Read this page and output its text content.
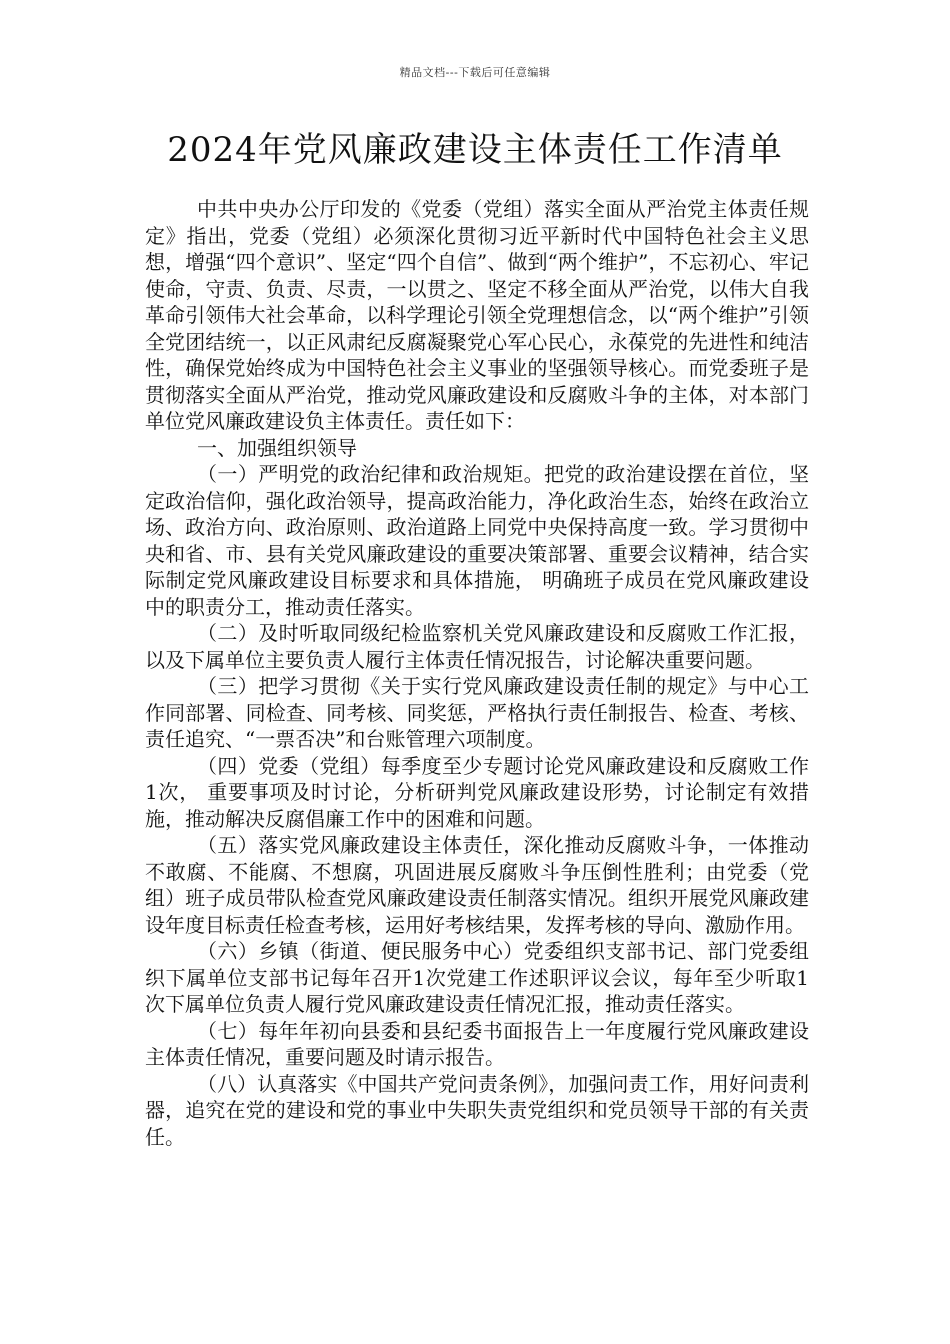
精品文档---下载后可任意编辑
2024年党风廉政建设主体责任工作清单

中共中央办公厅印发的《党委（党组）落实全面从严治党主体责任规定》指出，党委（党组）必须深化贯彻习近平新时代中国特色社会主义思想，增强“四个意识”、坚定“四个自信”、做到“两个维护”，不忘初心、牢记使命，守责、负责、尽责，一以贯之、坚定不移全面从严治党，以伟大自我革命引领伟大社会革命，以科学理论引领全党理想信念，以“两个维护”引领全党团结统一，以正风肃纪反腐凝聚党心军心民心，永葆党的先进性和纯洁性，确保党始终成为中国特色社会主义事业的坚强领导核心。而党委班子是贯彻落实全面从严治党，推动党风廉政建设和反腐败斗争的主体，对本部门单位党风廉政建设负主体责任。责任如下：

一、加强组织领导

（一）严明党的政治纪律和政治规矩。把党的政治建设摆在首位，坚定政治信仰，强化政治领导，提高政治能力，净化政治生态，始终在政治立场、政治方向、政治原则、政治道路上同党中央保持高度一致。学习贯彻中央和省、市、县有关党风廉政建设的重要决策部署、重要会议精神，结合实际制定党风廉政建设目标要求和具体措施， 明确班子成员在党风廉政建设中的职责分工，推动责任落实。

（二）及时听取同级纪检监察机关党风廉政建设和反腐败工作汇报，以及下属单位主要负责人履行主体责任情况报告，讨论解决重要问题。

（三）把学习贯彻《关于实行党风廉政建设责任制的规定》与中心工作同部署、同检查、同考核、同奖惩，严格执行责任制报告、检查、考核、责任追究、“一票否决”和台账管理六项制度。

（四）党委（党组）每季度至少专题讨论党风廉政建设和反腐败工作1次， 重要事项及时讨论，分析研判党风廉政建设形势，讨论制定有效措施，推动解决反腐倡廉工作中的困难和问题。

（五）落实党风廉政建设主体责任，深化推动反腐败斗争，一体推动不敢腐、不能腐、不想腐，巩固进展反腐败斗争压倒性胜利；由党委（党组）班子成员带队检查党风廉政建设责任制落实情况。组织开展党风廉政建设年度目标责任检查考核，运用好考核结果，发挥考核的导向、激励作用。

（六）乡镇（街道、便民服务中心）党委组织支部书记、部门党委组织下属单位支部书记每年召开1次党建工作述职评议会议，每年至少听取1次下属单位负责人履行党风廉政建设责任情况汇报，推动责任落实。

（七）每年年初向县委和县纪委书面报告上一年度履行党风廉政建设主体责任情况，重要问题及时请示报告。

（八）认真落实《中国共产党问责条例》，加强问责工作，用好问责利器，追究在党的建设和党的事业中失职失责党组织和党员领导干部的有关责任。
